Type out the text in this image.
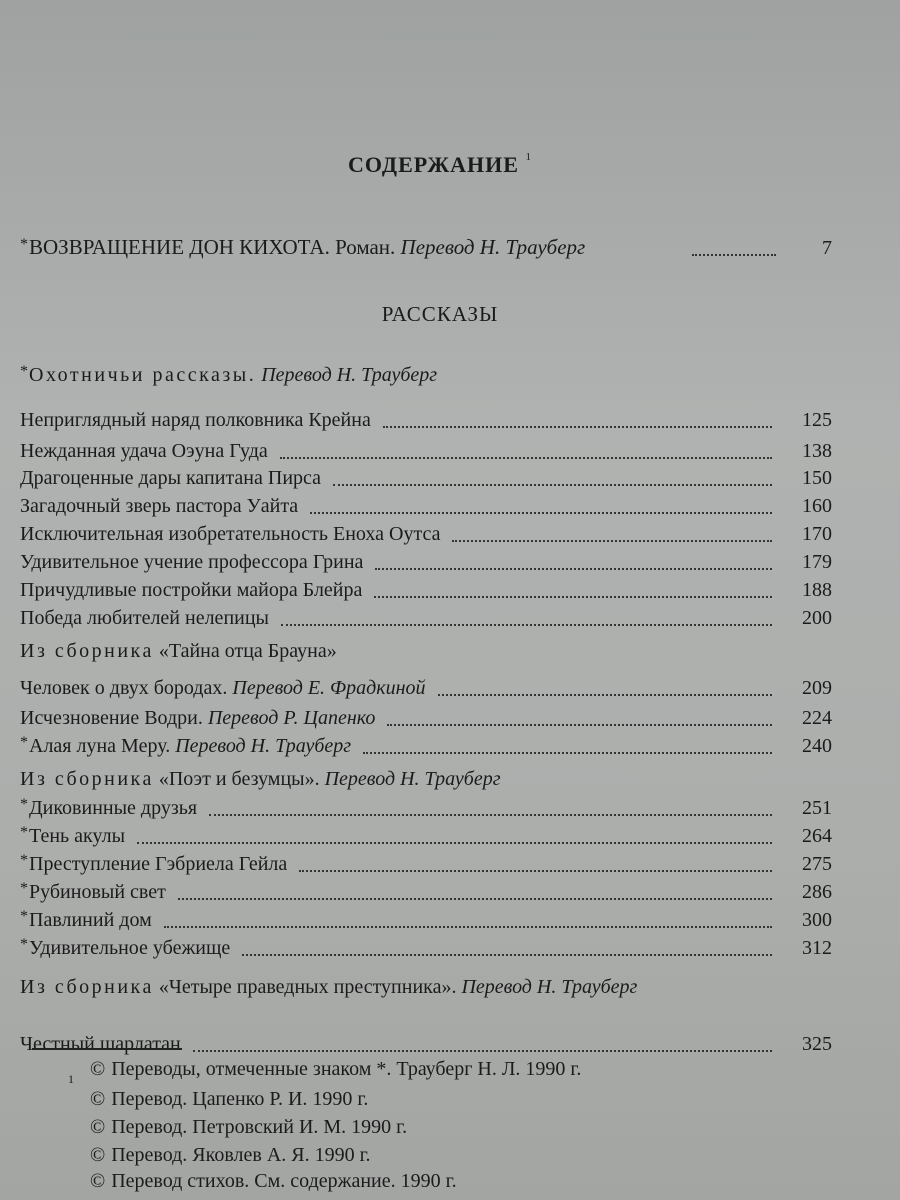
СОДЕРЖАНИЕ $^1$
*ВОЗВРАЩЕНИЕ ДОН КИХОТА. Роман. Перевод Н. Трауберг	7
РАССКАЗЫ
*Охотничьи рассказы. Перевод Н. Трауберг
Из сборника «Тайна отца Брауна»
Из сборника «Поэт и безумцы». Перевод Н. Трауберг
Из сборника «Четыре праведных преступника». Перевод Н. Трауберг
Неприглядный наряд полковника Крейна	125
Нежданная удача Оэуна Гуда	138
Драгоценные дары капитана Пирса	150
Загадочный зверь пастора Уайта	160
Исключительная изобретательность Еноха Оутса	170
Удивительное учение профессора Грина	179
Причудливые постройки майора Блейра	188
Победа любителей нелепицы	200
Человек о двух бородах. Перевод Е. Фрадкиной	209
Исчезновение Водри. Перевод Р. Цапенко	224
*Алая луна Меру. Перевод Н. Трауберг	240
*Диковинные друзья	251
*Тень акулы	264
*Преступление Гэбриела Гейла	275
*Рубиновый свет	286
*Павлиний дом	300
*Удивительное убежище	312
Честный шарлатан	325
1 © Переводы, отмеченные знаком *. Трауберг Н. Л. 1990 г.
© Перевод. Цапенко Р. И. 1990 г.
© Перевод. Петровский И. М. 1990 г.
© Перевод. Яковлев А. Я. 1990 г.
© Перевод стихов. См. содержание. 1990 г.
